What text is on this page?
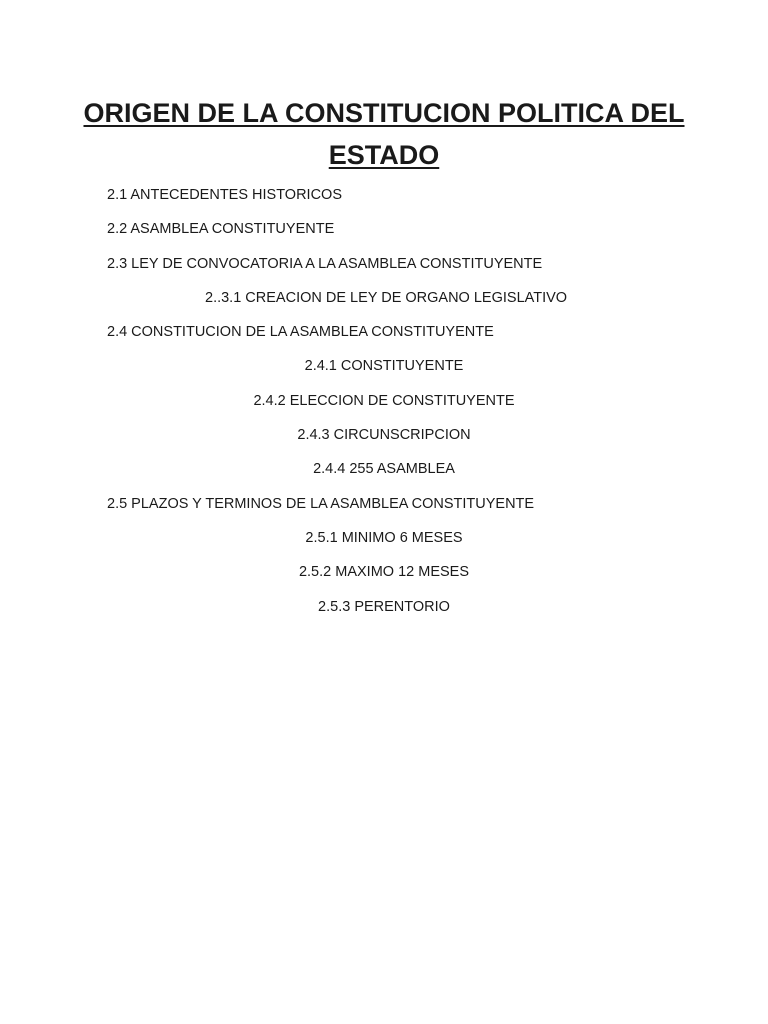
ORIGEN DE LA CONSTITUCION POLITICA DEL
ESTADO
2.1 ANTECEDENTES HISTORICOS
2.2 ASAMBLEA CONSTITUYENTE
2.3 LEY DE CONVOCATORIA A LA ASAMBLEA CONSTITUYENTE
2..3.1 CREACION DE LEY DE ORGANO LEGISLATIVO
2.4 CONSTITUCION DE LA ASAMBLEA CONSTITUYENTE
2.4.1 CONSTITUYENTE
2.4.2 ELECCION DE CONSTITUYENTE
2.4.3 CIRCUNSCRIPCION
2.4.4 255 ASAMBLEA
2.5 PLAZOS Y TERMINOS DE LA ASAMBLEA CONSTITUYENTE
2.5.1 MINIMO 6 MESES
2.5.2 MAXIMO 12 MESES
2.5.3 PERENTORIO
